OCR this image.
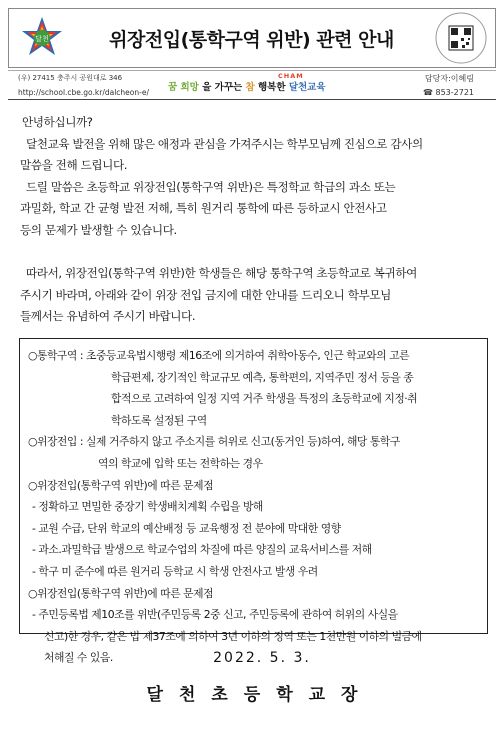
달천	위장전입(통학구역 위반) 관련 안내
(우) 27415 충주시 공원대로 346
http://school.cbe.go.kr/dalcheon-e/ 꿈 희망 을 가꾸는 참
CHAM
행복한 달천교육
담당자:이혜림
☎ 853-2721

안녕하십니까?

달천교육 발전을 위해 많은 애정과 관심을 가져주시는 학부모님께 진심으로 감사의

말씀을 전해 드립니다.

드릴 말씀은 초등학교 위장전입(통학구역 위반)은 특정학교 학급의 과소 또는

과밀화, 학교 간 균형 발전 저해, 특히 원거리 통학에 따른 등하교시 안전사고

등의 문제가 발생할 수 있습니다.

따라서, 위장전입(통학구역 위반)한 학생들은 해당 통학구역 초등학교로 복귀하여

주시기 바라며, 아래와 같이 위장 전입 금지에 대한 안내를 드리오니 학부모님

들께서는 유념하여 주시기 바랍니다.

○통학구역 : 초중등교육법시행령 제16조에 의거하여 취학아동수, 인근 학교와의 고른
학급편제, 장기적인 학교규모 예측, 통학편의, 지역주민 정서 등을 종
합적으로 고려하여 일정 지역 거주 학생을 특정의 초등학교에 지정·취
학하도록 설정된 구역
○위장전입 : 실제 거주하지 않고 주소지를 허위로 신고(동거인 등)하여, 해당 통학구
역의 학교에 입학 또는 전학하는 경우
○위장전입(통학구역 위반)에 따른 문제점
- 정확하고 면밀한 중장기 학생배치계획 수립을 방해
- 교원 수급, 단위 학교의 예산배정 등 교육행정 전 분야에 막대한 영향
- 과소.과밀학급 발생으로 학교수업의 차질에 따른 양질의 교육서비스를 저해
- 학구 미 준수에 따른 원거리 등학교 시 학생 안전사고 발생 우려
○위장전입(통학구역 위반)에 따른 문제점
- 주민등록법 제10조를 위반(주민등록 2중 신고, 주민등록에 관하여 허위의 사실을
신고)한 경우, 같은 법 제37조에 의하여 3년 이하의 징역 또는 1천만원 이하의 벌금에
처해질 수 있음.	2022. 5. 3.
달천초등학교장
